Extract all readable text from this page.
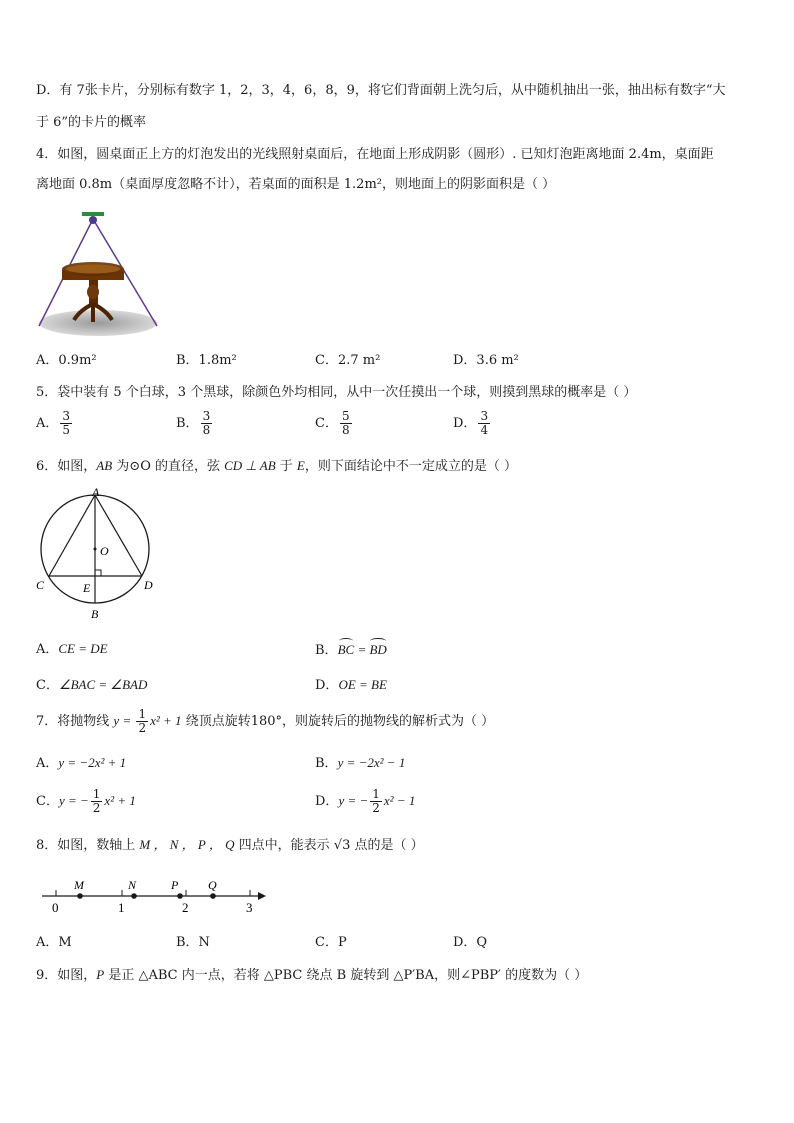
D．有 7张卡片，分别标有数字 1，2，3，4，6，8，9，将它们背面朝上洗匀后，从中随机抽出一张，抽出标有数字“大
于 6”的卡片的概率
4．如图，圆桌面正上方的灯泡发出的光线照射桌面后，在地面上形成阴影（圆形）. 已知灯泡距离地面 2.4m，桌面距
离地面 0.8m（桌面厚度忽略不计），若桌面的面积是 1.2m²，则地面上的阴影面积是（ ）
A．0.9m²	B．1.8m²	C．2.7 m²	D．3.6 m²
5．袋中装有 5 个白球，3 个黑球，除颜色外均相同，从中一次任摸出一个球，则摸到黑球的概率是（ ）
A． $\frac{3}{5}$	B． $\frac{3}{8}$	C． $\frac{5}{8}$	D． $\frac{3}{4}$
6．如图，AB 为⊙O 的直径，弦 CD ⊥ AB 于 E，则下面结论中不一定成立的是（ ）
A
O
C	D
E
B
A．CE = DE	B．BC = BD
C．∠BAC = ∠BAD	D．OE = BE
7．将抛物线 $y = \frac{1}{2} x^2 + 1$ 绕顶点旋转180°，则旋转后的抛物线的解析式为（ ）
A．y = −2x² + 1	B．y = −2x² − 1
C．y = − $\frac{1}{2} x^2 + 1$	D．y = − $\frac{1}{2} x^2 - 1$
8．如图，数轴上 M ， N ， P ， Q 四点中，能表示 √3 点的是（ ）
M	N	P Q
0	1	2	3
A．M	B．N	C．P	D．Q
9．如图，P 是正 △ABC 内一点，若将 △PBC 绕点 B 旋转到 △P′BA，则∠PBP′ 的度数为（ ）
